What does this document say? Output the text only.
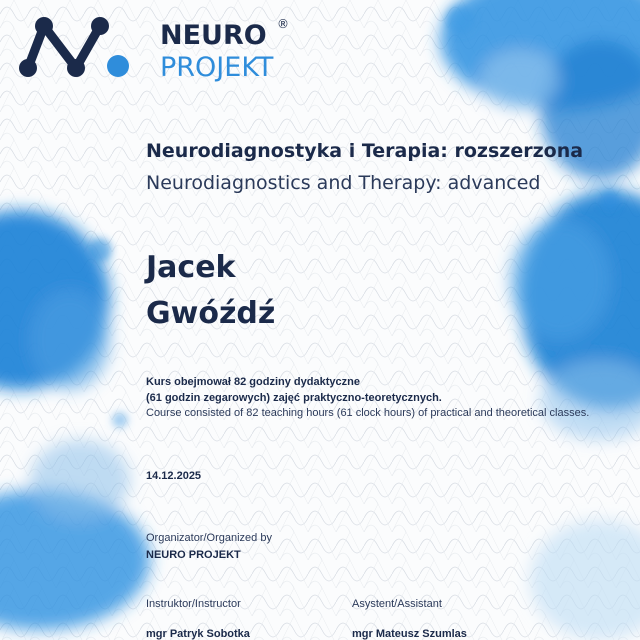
NEURO ®
PROJEKT
Neurodiagnostyka i Terapia: rozszerzona
Neurodiagnostics and Therapy: advanced
Jacek
Gwóźdź
Kurs obejmował 82 godziny dydaktyczne
(61 godzin zegarowych) zajęć praktyczno-teoretycznych.
Course consisted of 82 teaching hours (61 clock hours) of practical and theoretical classes.
14.12.2025
Organizator/Organized by
NEURO PROJEKT
Instruktor/Instructor
mgr Patryk Sobotka
Asystent/Assistant
mgr Mateusz Szumlas
